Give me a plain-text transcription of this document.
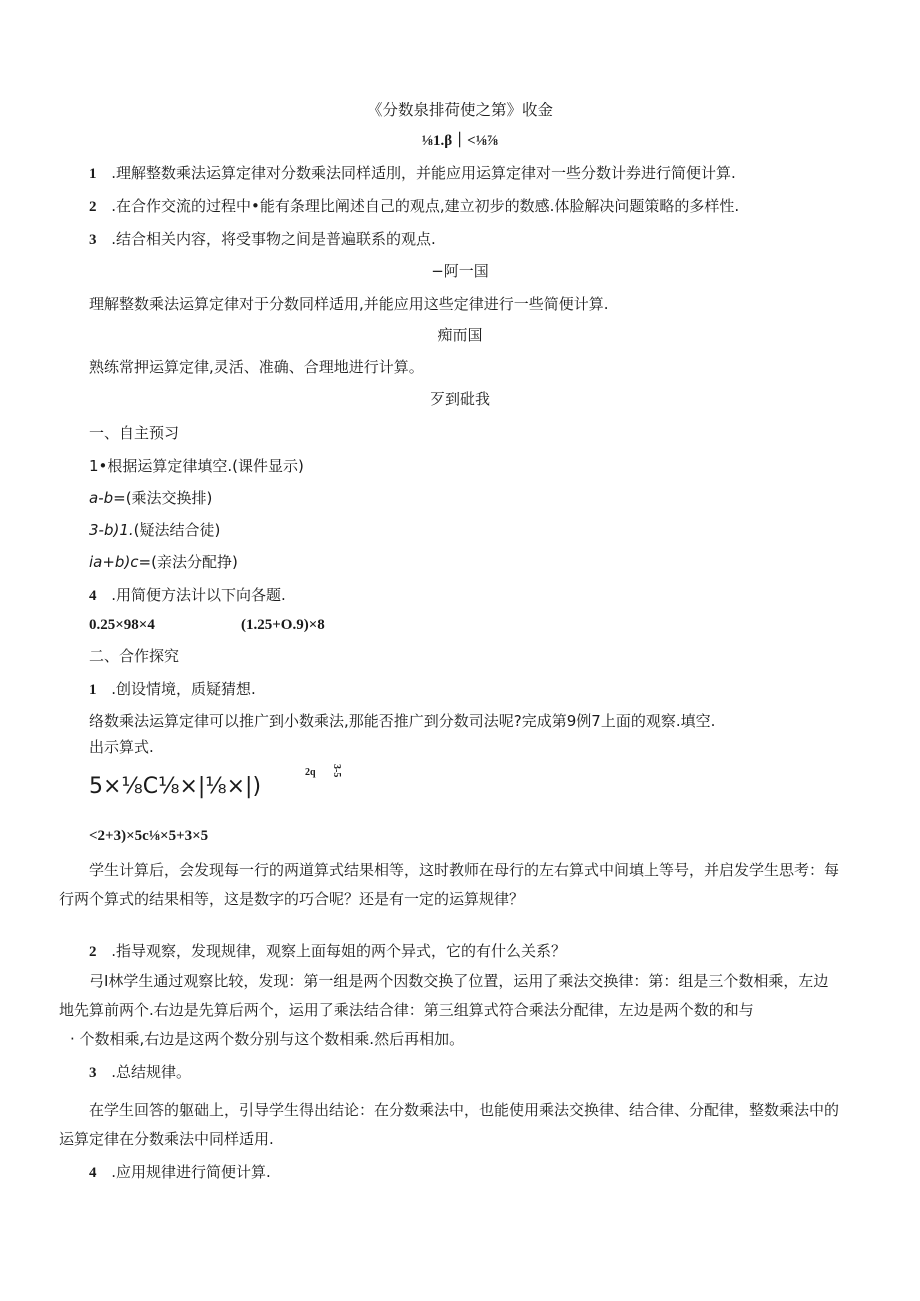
《分数泉排荷使之第》收金
⅛1.β｜<⅛⅞
1 .理解整数乘法运算定律对分数乘法同样适刖，并能应用运算定律对一些分数计券进行简便计算.
2 .在合作交流的过程中•能有条理比阐述自己的观点,建立初步的数感.体脸解决问题策略的多样性.
3 .结合相关内容，将受事物之间是普遍联系的观点.
−阿一国
理解整数乘法运算定律对于分数同样适用,并能应用这些定律进行一些简便计算.
痴而国
熟练常押运算定律,灵活、准确、合理地进行计算。
歹到砒我
一、自主预习
1•根据运算定律填空.(课件显示)
a-b=(乘法交换排)
3-b)1.(疑法结合徒)
ia+b)c=(亲法分配挣)
4 .用简便方法计以下向各题.
0.25×98×4	(1.25+O.9)×8
二、合作探究
1 .创设情境，质疑猜想.
络数乘法运算定律可以推广到小数乘法,那能否推广到分数司法呢?完成第9例7上面的观察.填空.
出示算式.
5×⅛C⅛×|⅛×|)
2q 3-5
<2+3)×5c⅛×5+3×5
学生计算后，会发现每一行的两道算式结果相等，这时教师在母行的左右算式中间填上等号，并启发学生思考：每
行两个算式的结果相等，这是数字的巧合呢？还是有一定的运算规律？
2 .指导观察，发现规律，观察上面每姐的两个异式，它的有什么关系？
弓I林学生通过观察比较，发现：第一组是两个因数交换了位置，运用了乘法交换律：第：组是三个数相乘，左边
地先算前两个.右边是先算后两个，运用了乘法结合律：第三组算式符合乘法分配律，左边是两个数的和与
· 个数相乘,右边是这两个数分别与这个数相乘.然后再相加。
3 .总结规律。
在学生回答的躯础上，引导学生得出结论：在分数乘法中，也能使用乘法交换律、结合律、分配律，整数乘法中的
运算定律在分数乘法中同样适用.
4 .应用规律进行简便计算.
